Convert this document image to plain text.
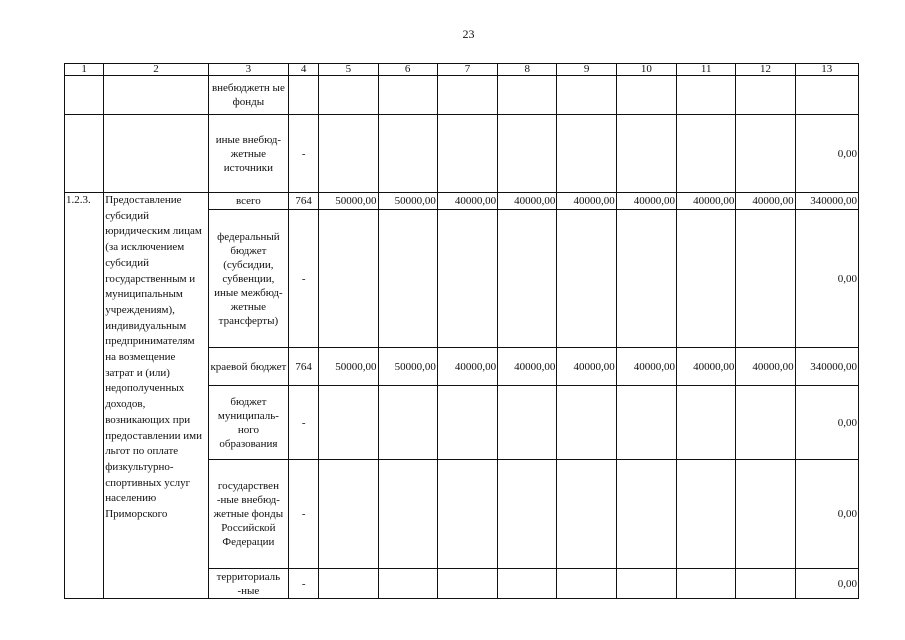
23
1	2	3	4	5	6	7	8	9	10	11	12	13
		внебюджетн ые фонды										
		иные внебюд- жетные источники	-									0,00
1.2.3.	Предоставление субсидий юридическим лицам (за исключением субсидий государственным и муниципальным учреждениям), индивидуальным предпринимателям на возмещение затрат и (или) недополученных доходов, возникающих при предоставлении ими льгот по оплате физкультурно-спортивных услуг населению Приморского	всего	764	50000,00	50000,00	40000,00	40000,00	40000,00	40000,00	40000,00	40000,00	340000,00
		федеральный бюджет (субсидии, субвенции, иные межбюд- жетные трансферты)	-									0,00
		краевой бюджет	764	50000,00	50000,00	40000,00	40000,00	40000,00	40000,00	40000,00	40000,00	340000,00
		бюджет муниципаль- ного образования	-									0,00
		государствен -ные внебюд- жетные фонды Российской Федерации	-									0,00
		территориаль -ные	-									0,00
